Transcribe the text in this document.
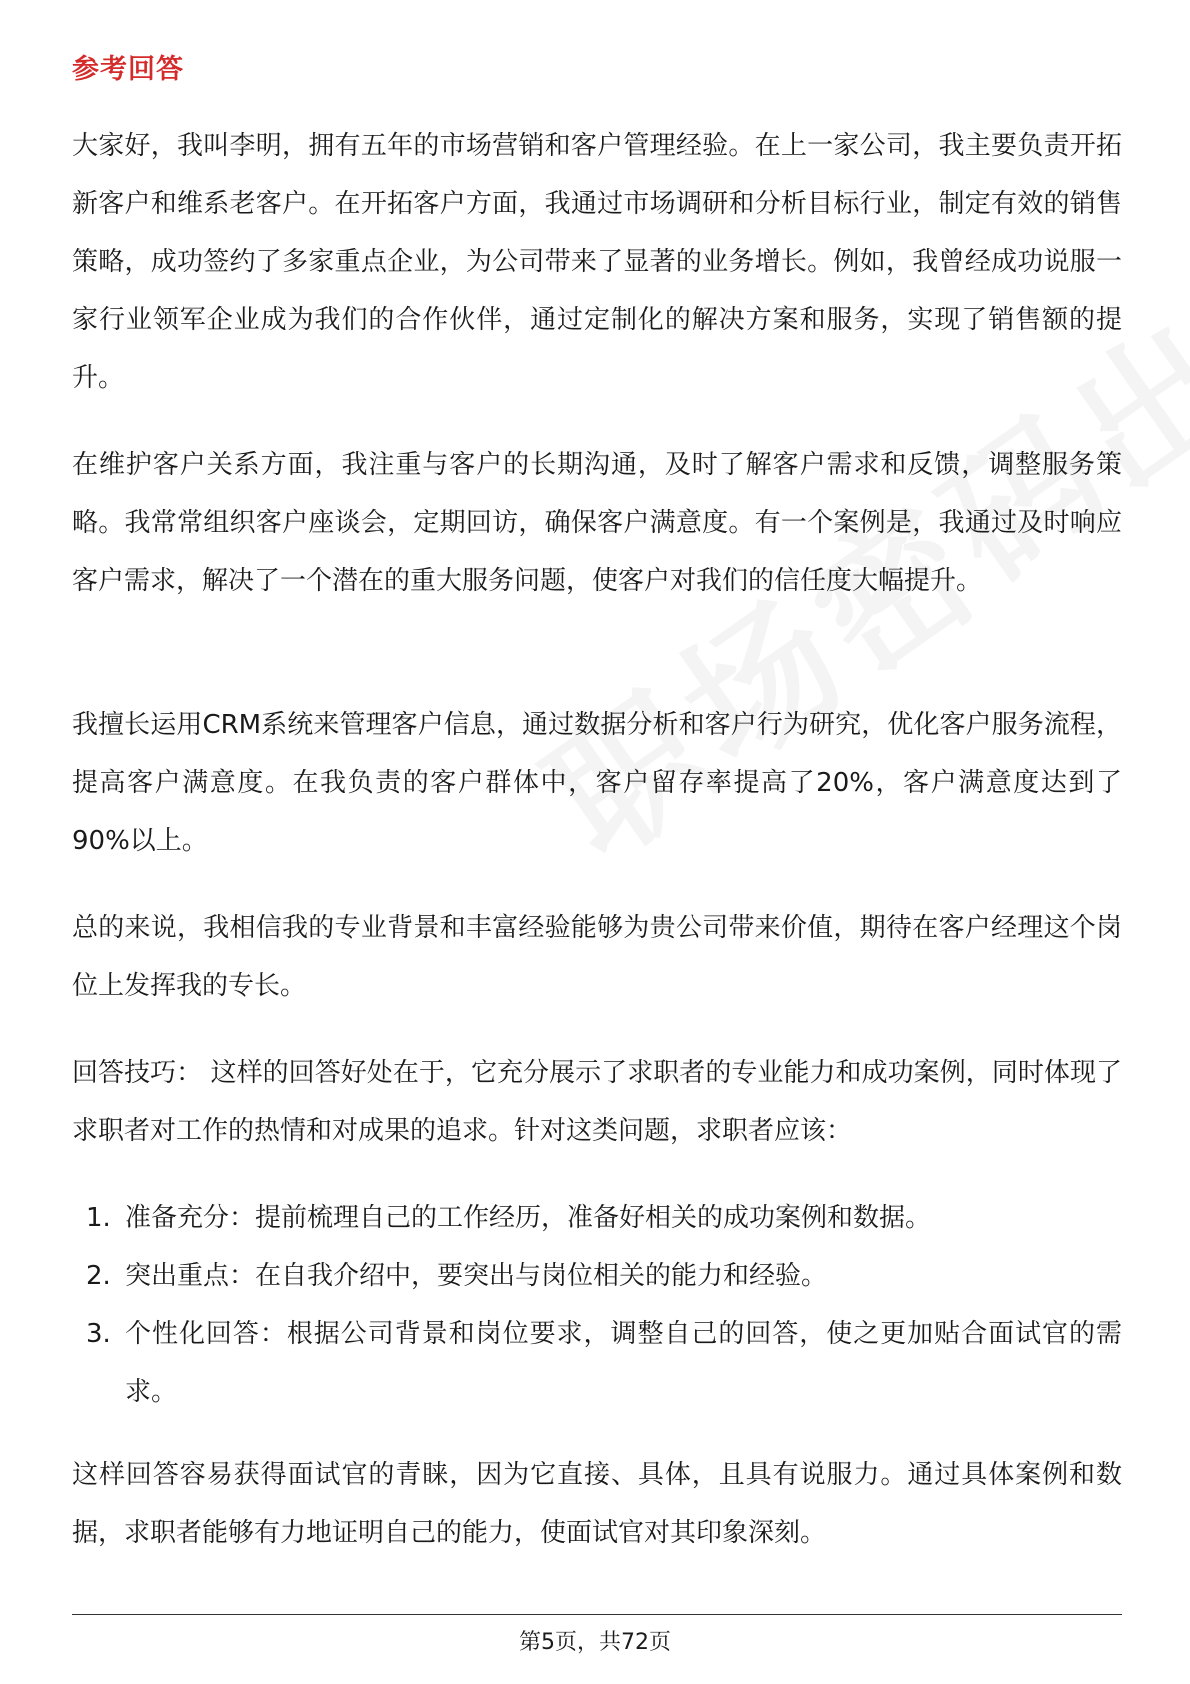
参考回答

大家好，我叫李明，拥有五年的市场营销和客户管理经验。在上一家公司，我主要负责开拓新客户和维系老客户。在开拓客户方面，我通过市场调研和分析目标行业，制定有效的销售策略，成功签约了多家重点企业，为公司带来了显著的业务增长。例如，我曾经成功说服一家行业领军企业成为我们的合作伙伴，通过定制化的解决方案和服务，实现了销售额的提升。

在维护客户关系方面，我注重与客户的长期沟通，及时了解客户需求和反馈，调整服务策略。我常常组织客户座谈会，定期回访，确保客户满意度。有一个案例是，我通过及时响应客户需求，解决了一个潜在的重大服务问题，使客户对我们的信任度大幅提升。

我擅长运用CRM系统来管理客户信息，通过数据分析和客户行为研究，优化客户服务流程，提高客户满意度。在我负责的客户群体中，客户留存率提高了20%，客户满意度达到了90%以上。

总的来说，我相信我的专业背景和丰富经验能够为贵公司带来价值，期待在客户经理这个岗位上发挥我的专长。

回答技巧： 这样的回答好处在于，它充分展示了求职者的专业能力和成功案例，同时体现了求职者对工作的热情和对成果的追求。针对这类问题，求职者应该：

1. 准备充分：提前梳理自己的工作经历，准备好相关的成功案例和数据。
2. 突出重点：在自我介绍中，要突出与岗位相关的能力和经验。
3. 个性化回答：根据公司背景和岗位要求，调整自己的回答，使之更加贴合面试官的需求。

这样回答容易获得面试官的青睐，因为它直接、具体，且具有说服力。通过具体案例和数据，求职者能够有力地证明自己的能力，使面试官对其印象深刻。

第5页，共72页
